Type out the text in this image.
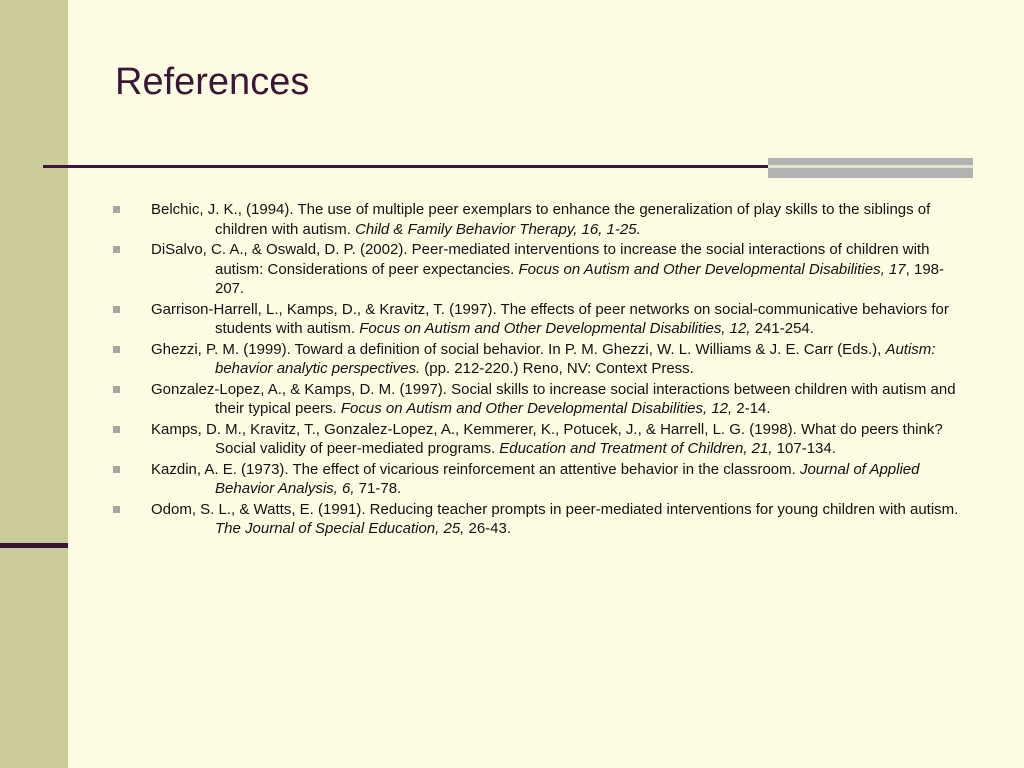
References
Belchic, J. K., (1994). The use of multiple peer exemplars to enhance the generalization of play skills to the siblings of children with autism. Child & Family Behavior Therapy, 16, 1-25.
DiSalvo, C. A., & Oswald, D. P. (2002). Peer-mediated interventions to increase the social interactions of children with autism: Considerations of peer expectancies. Focus on Autism and Other Developmental Disabilities, 17, 198-207.
Garrison-Harrell, L., Kamps, D., & Kravitz, T. (1997). The effects of peer networks on social-communicative behaviors for students with autism. Focus on Autism and Other Developmental Disabilities, 12, 241-254.
Ghezzi, P. M. (1999). Toward a definition of social behavior. In P. M. Ghezzi, W. L. Williams & J. E. Carr (Eds.), Autism: behavior analytic perspectives. (pp. 212-220.) Reno, NV: Context Press.
Gonzalez-Lopez, A., & Kamps, D. M. (1997). Social skills to increase social interactions between children with autism and their typical peers. Focus on Autism and Other Developmental Disabilities, 12, 2-14.
Kamps, D. M., Kravitz, T., Gonzalez-Lopez, A., Kemmerer, K., Potucek, J., & Harrell, L. G. (1998). What do peers think? Social validity of peer-mediated programs. Education and Treatment of Children, 21, 107-134.
Kazdin, A. E. (1973). The effect of vicarious reinforcement an attentive behavior in the classroom. Journal of Applied Behavior Analysis, 6, 71-78.
Odom, S. L., & Watts, E. (1991). Reducing teacher prompts in peer-mediated interventions for young children with autism. The Journal of Special Education, 25, 26-43.
